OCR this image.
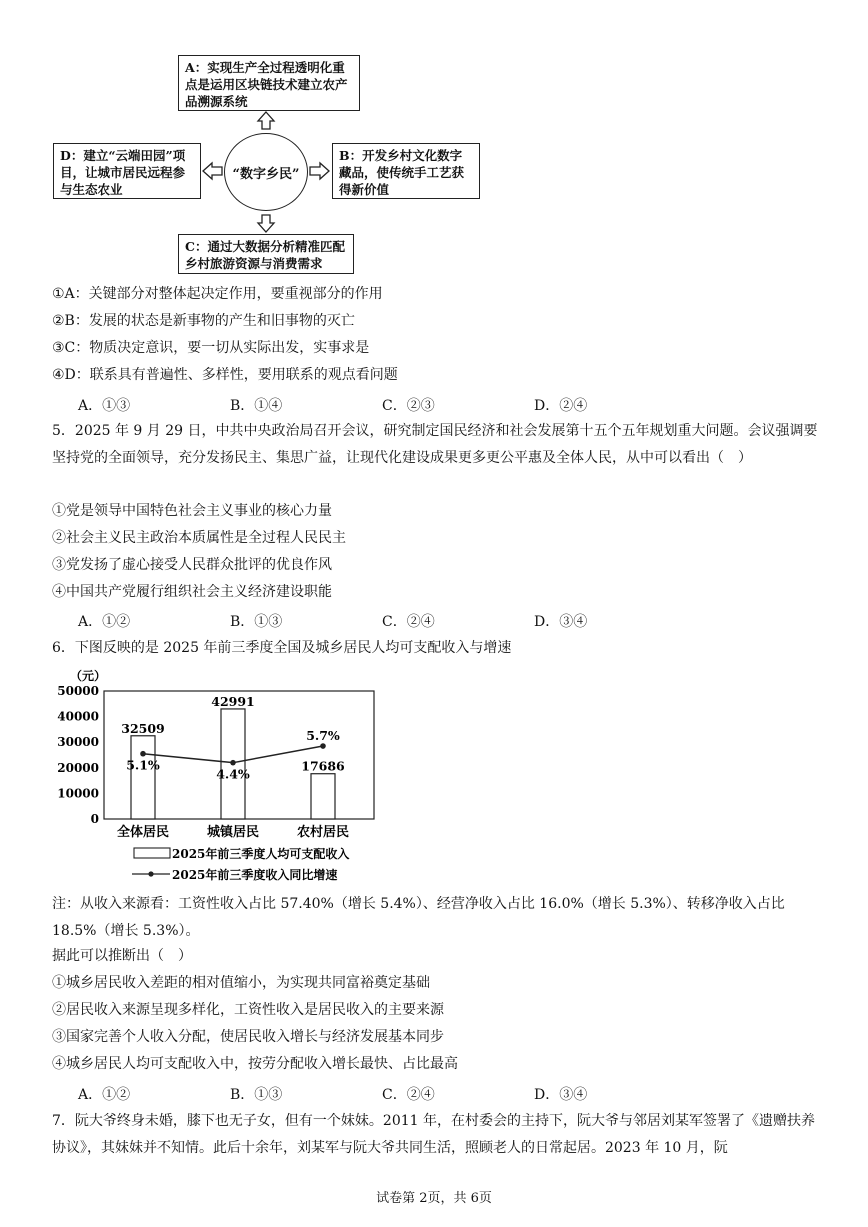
A：实现生产全过程透明化重点是运用区块链技术建立农产品溯源系统
D：建立“云端田园”项目，让城市居民远程参与生态农业
B：开发乡村文化数字藏品，使传统手工艺获得新价值
C：通过大数据分析精准匹配乡村旅游资源与消费需求
“数字乡民”
①A：关键部分对整体起决定作用，要重视部分的作用
②B：发展的状态是新事物的产生和旧事物的灭亡
③C：物质决定意识，要一切从实际出发，实事求是
④D：联系具有普遍性、多样性，要用联系的观点看问题
A．①③	B．①④	C．②③	D．②④
5．2025 年 9 月 29 日，中共中央政治局召开会议，研究制定国民经济和社会发展第十五个五年规划重大问题。会议强调要坚持党的全面领导，充分发扬民主、集思广益，让现代化建设成果更多更公平惠及全体人民，从中可以看出（　）
①党是领导中国特色社会主义事业的核心力量
②社会主义民主政治本质属性是全过程人民民主
③党发扬了虚心接受人民群众批评的优良作风
④中国共产党履行组织社会主义经济建设职能
A．①②	B．①③	C．②④	D．③④
6．下图反映的是 2025 年前三季度全国及城乡居民人均可支配收入与增速
（元）
50000
40000
30000
20000
10000
0
32509
42991
17686
5.1%
4.4%
5.7%
全体居民	城镇居民	农村居民
2025年前三季度人均可支配收入
2025年前三季度收入同比增速
注：从收入来源看：工资性收入占比 57.40%（增长 5.4%）、经营净收入占比 16.0%（增长 5.3%）、转移净收入占比 18.5%（增长 5.3%）。
据此可以推断出（　）
①城乡居民收入差距的相对值缩小，为实现共同富裕奠定基础
②居民收入来源呈现多样化，工资性收入是居民收入的主要来源
③国家完善个人收入分配，使居民收入增长与经济发展基本同步
④城乡居民人均可支配收入中，按劳分配收入增长最快、占比最高
A．①②	B．①③	C．②④	D．③④
7．阮大爷终身未婚，膝下也无子女，但有一个妹妹。2011 年，在村委会的主持下，阮大爷与邻居刘某军签署了《遗赠扶养协议》，其妹妹并不知情。此后十余年，刘某军与阮大爷共同生活，照顾老人的日常起居。2023 年 10 月，阮
试卷第 2页，共 6页
